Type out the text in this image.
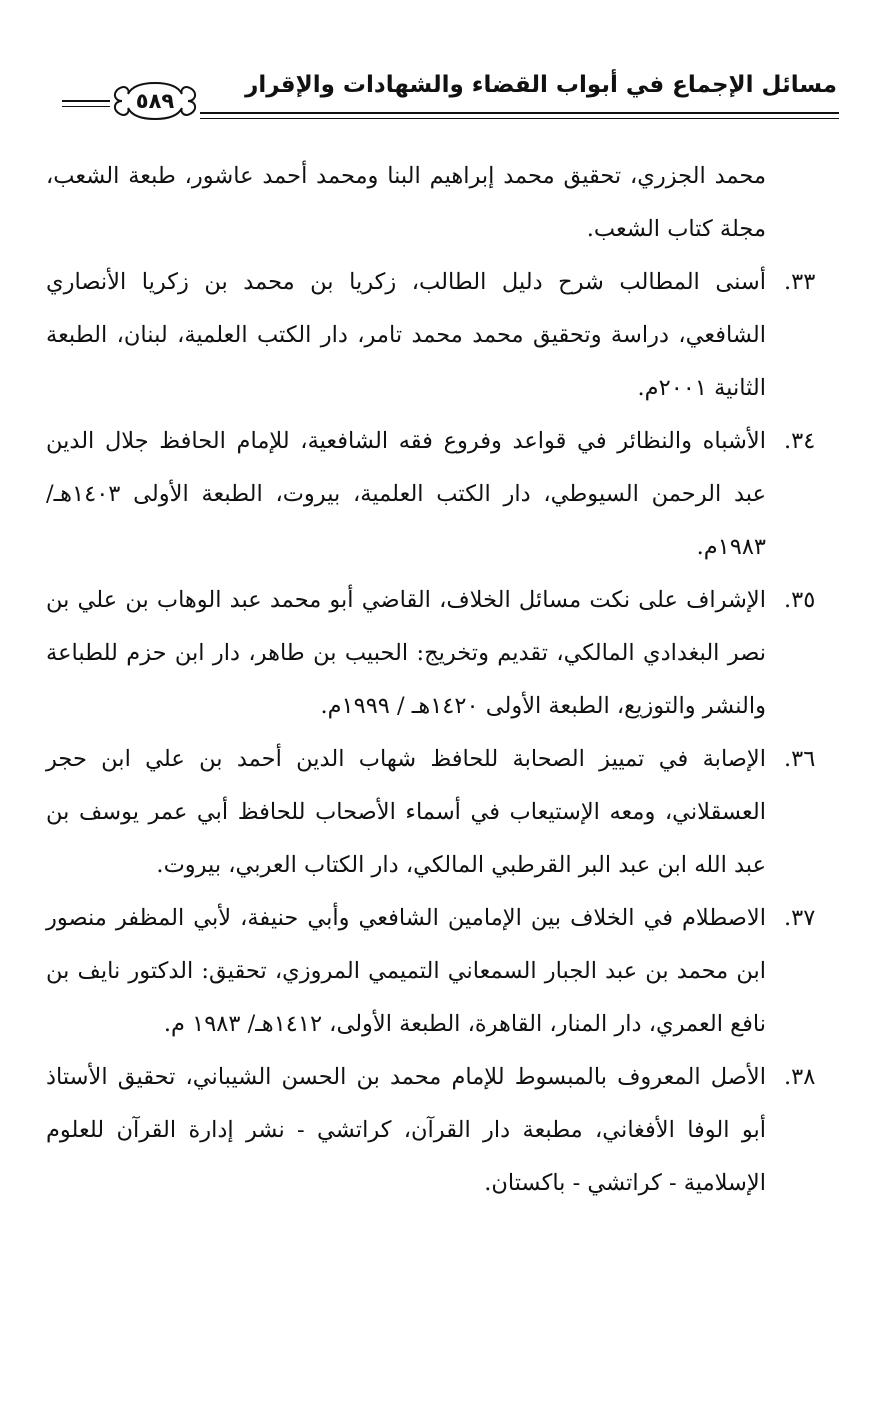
مسائل الإجماع في أبواب القضاء والشهادات والإقرار
٥٨٩

محمد الجزري، تحقيق محمد إبراهيم البنا ومحمد أحمد عاشور، طبعة الشعب، مجلة كتاب الشعب.

٣٣.

أسنى المطالب شرح دليل الطالب، زكريا بن محمد بن زكريا الأنصاري الشافعي، دراسة وتحقيق محمد محمد تامر، دار الكتب العلمية، لبنان، الطبعة الثانية ٢٠٠١م.

٣٤.

الأشباه والنظائر في قواعد وفروع فقه الشافعية، للإمام الحافظ جلال الدين عبد الرحمن السيوطي، دار الكتب العلمية، بيروت، الطبعة الأولى ١٤٠٣هـ/ ١٩٨٣م.

٣٥.

الإشراف على نكت مسائل الخلاف، القاضي أبو محمد عبد الوهاب بن علي بن نصر البغدادي المالكي، تقديم وتخريج: الحبيب بن طاهر، دار ابن حزم للطباعة والنشر والتوزيع، الطبعة الأولى ١٤٢٠هـ / ١٩٩٩م.

٣٦.

الإصابة في تمييز الصحابة للحافظ شهاب الدين أحمد بن علي ابن حجر العسقلاني، ومعه الإستيعاب في أسماء الأصحاب للحافظ أبي عمر يوسف بن عبد الله ابن عبد البر القرطبي المالكي، دار الكتاب العربي، بيروت.

٣٧.

الاصطلام في الخلاف بين الإمامين الشافعي وأبي حنيفة، لأبي المظفر منصور ابن محمد بن عبد الجبار السمعاني التميمي المروزي، تحقيق: الدكتور نايف بن نافع العمري، دار المنار، القاهرة، الطبعة الأولى، ١٤١٢هـ/ ١٩٨٣ م.

٣٨.

الأصل المعروف بالمبسوط للإمام محمد بن الحسن الشيباني، تحقيق الأستاذ أبو الوفا الأفغاني، مطبعة دار القرآن، كراتشي - نشر إدارة القرآن للعلوم الإسلامية - كراتشي - باكستان.
